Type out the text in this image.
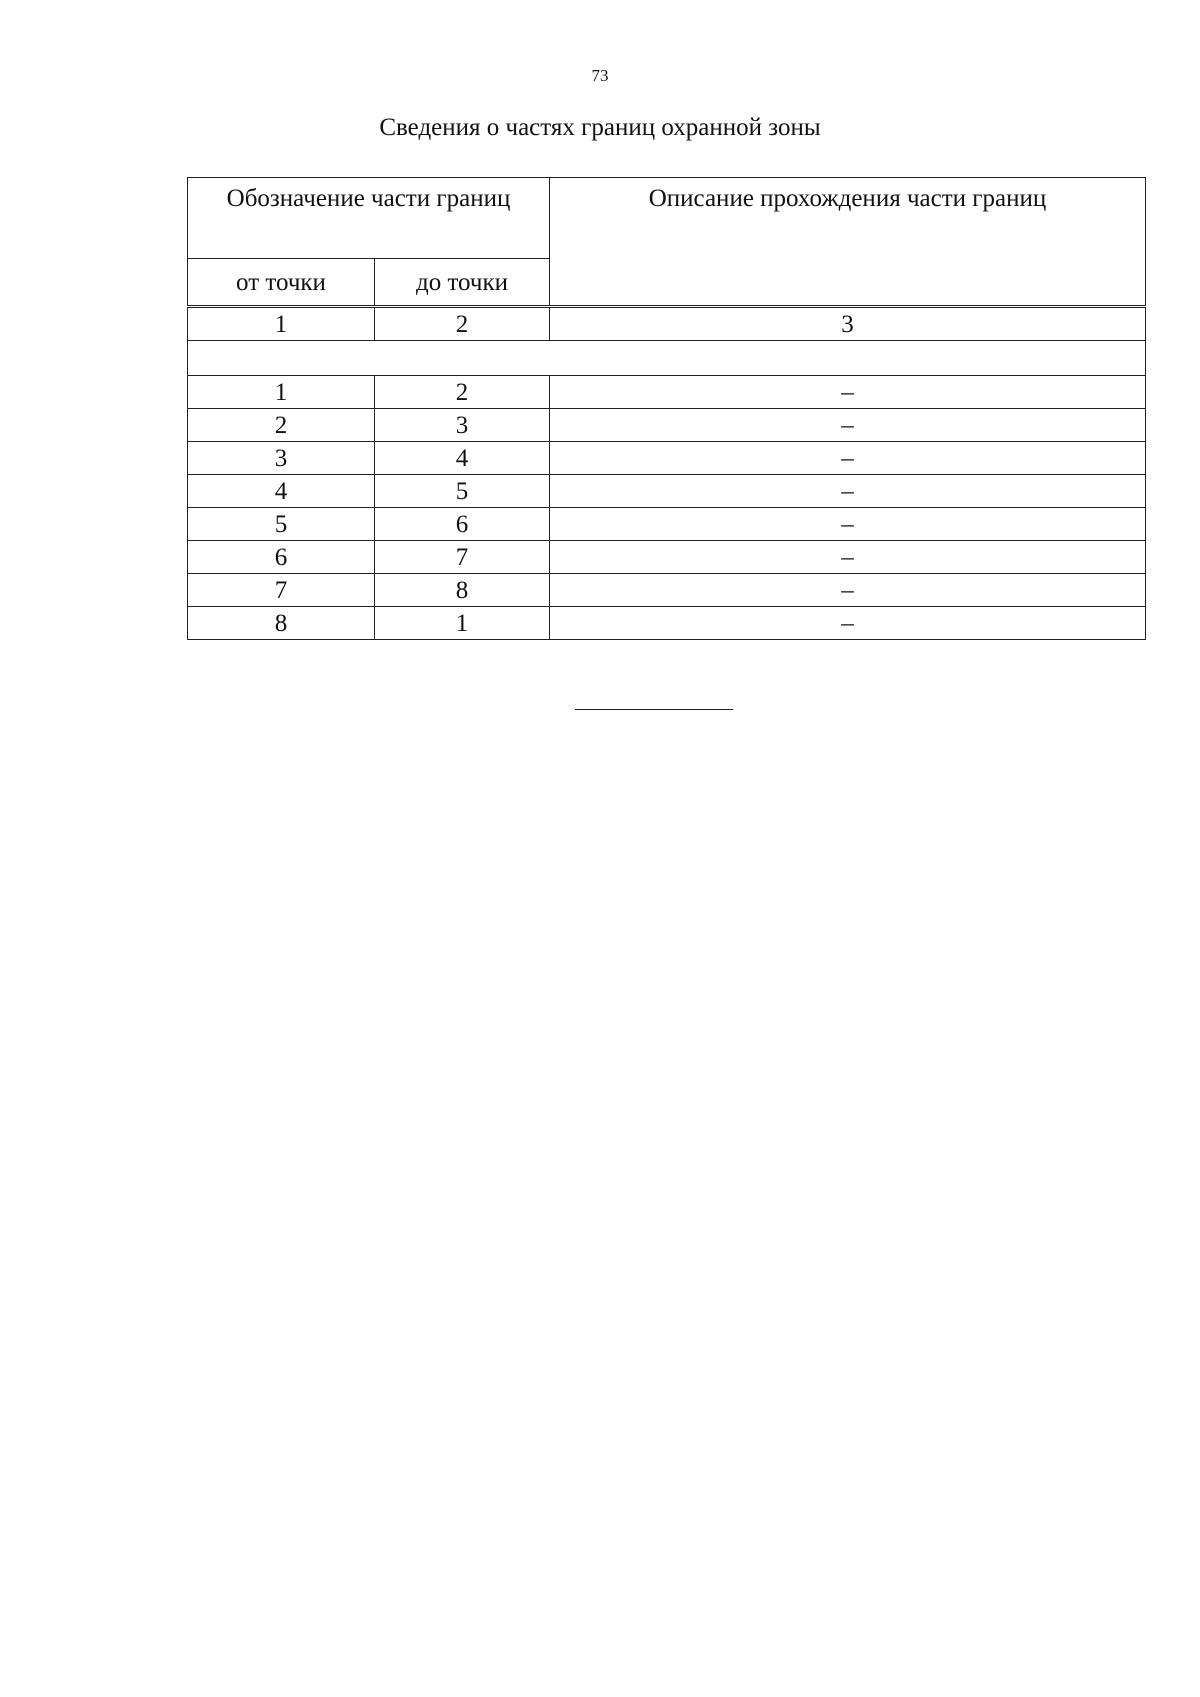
73
Сведения о частях границ охранной зоны
Обозначение части границ		Описание прохождения части границ
от точки	до точки	
1	2	3

1	2	–
2	3	–
3	4	–
4	5	–
5	6	–
6	7	–
7	8	–
8	1	–
